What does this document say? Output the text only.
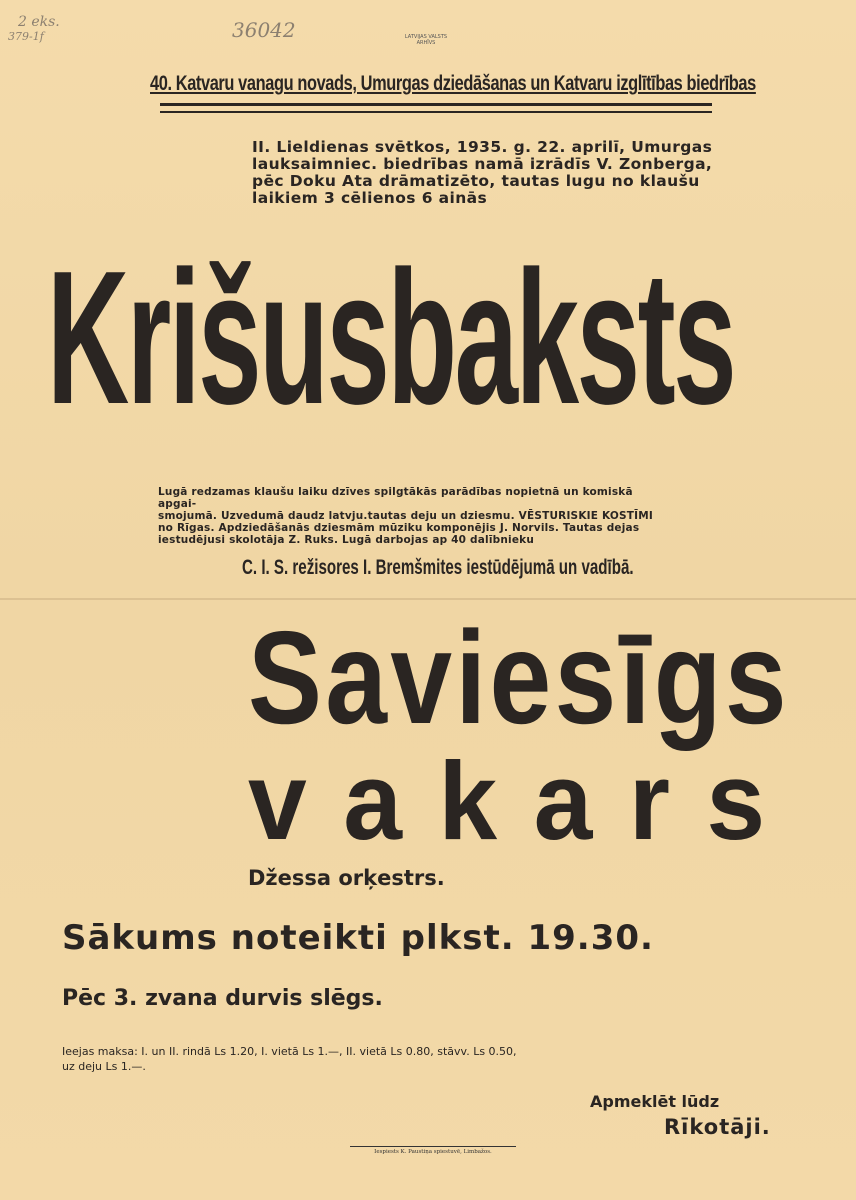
2 eks.
379-1f	36042	LATVIJAS VALSTS
ARHĪVS
40. Katvaru vanagu novads, Umurgas dziedāšanas un Katvaru izglītības biedrības
II. Lieldienas svētkos, 1935. g. 22. aprilī, Umurgas
lauksaimniec. biedrības namā izrādīs V. Zonberga,
pēc Doku Ata drāmatizēto, tautas lugu no klaušu
laikiem 3 cēlienos 6 ainās
Krišusbaksts
Lugā redzamas klaušu laiku dzīves spilgtākās parādības nopietnā un komiskā apgai-
smojumā. Uzvedumā daudz latvju.tautas deju un dziesmu. VĒSTURISKIE KOSTĪMI
no Rīgas. Apdziedāšanās dziesmām mūziku komponējis J. Norvils. Tautas dejas
iestudējusi skolotāja Z. Ruks. Lugā darbojas ap 40 dalībnieku
C. I. S. režisores I. Bremšmites iestūdējumā un vadībā.
Saviesīgs
vakars
Džessa orķestrs.
Sākums noteikti plkst. 19.30.
Pēc 3. zvana durvis slēgs.
Ieejas maksa: I. un II. rindā Ls 1.20, I. vietā Ls 1.—, II. vietā Ls 0.80, stāvv. Ls 0.50,
uz deju Ls 1.—.
Apmeklēt lūdz
Rīkotāji.
Iespiests K. Paustiņa spiestuvē, Limbažos.
